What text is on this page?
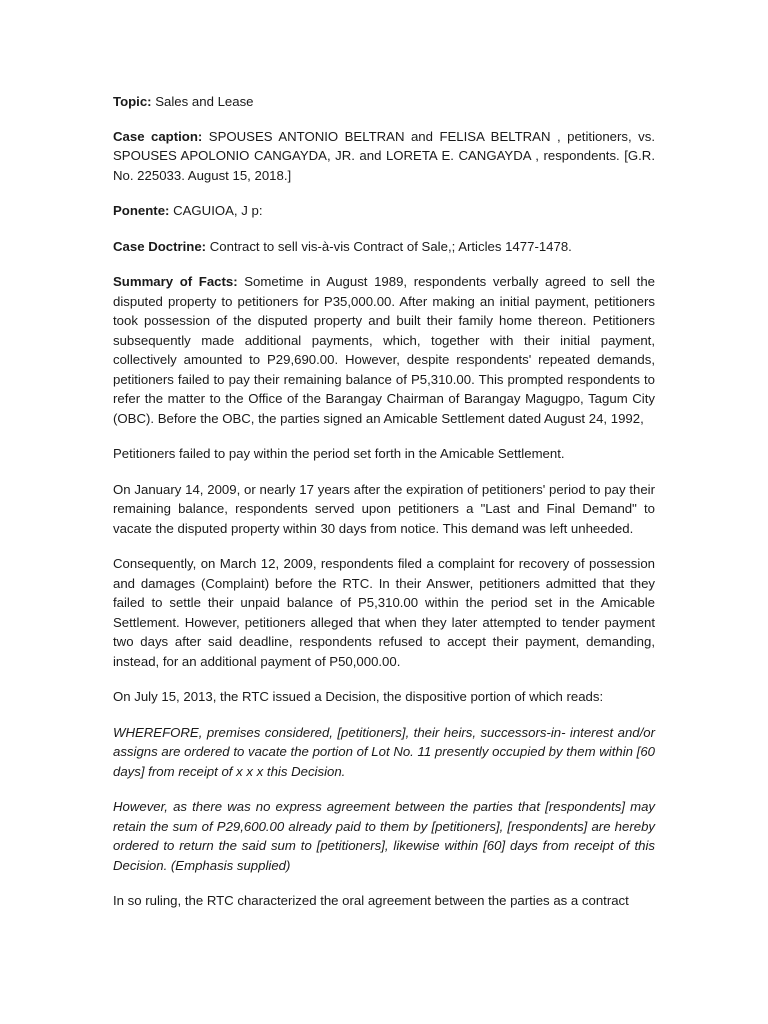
Topic: Sales and Lease

Case caption: SPOUSES ANTONIO BELTRAN and FELISA BELTRAN , petitioners, vs. SPOUSES APOLONIO CANGAYDA, JR. and LORETA E. CANGAYDA , respondents. [G.R. No. 225033. August 15, 2018.]

Ponente: CAGUIOA, J p:

Case Doctrine: Contract to sell vis-à-vis Contract of Sale,; Articles 1477-1478.

Summary of Facts: Sometime in August 1989, respondents verbally agreed to sell the disputed property to petitioners for P35,000.00. After making an initial payment, petitioners took possession of the disputed property and built their family home thereon. Petitioners subsequently made additional payments, which, together with their initial payment, collectively amounted to P29,690.00. However, despite respondents' repeated demands, petitioners failed to pay their remaining balance of P5,310.00. This prompted respondents to refer the matter to the Office of the Barangay Chairman of Barangay Magugpo, Tagum City (OBC). Before the OBC, the parties signed an Amicable Settlement dated August 24, 1992,

Petitioners failed to pay within the period set forth in the Amicable Settlement.

On January 14, 2009, or nearly 17 years after the expiration of petitioners' period to pay their remaining balance, respondents served upon petitioners a "Last and Final Demand" to vacate the disputed property within 30 days from notice. This demand was left unheeded.

Consequently, on March 12, 2009, respondents filed a complaint for recovery of possession and damages (Complaint) before the RTC. In their Answer, petitioners admitted that they failed to settle their unpaid balance of P5,310.00 within the period set in the Amicable Settlement. However, petitioners alleged that when they later attempted to tender payment two days after said deadline, respondents refused to accept their payment, demanding, instead, for an additional payment of P50,000.00.

On July 15, 2013, the RTC issued a Decision, the dispositive portion of which reads:

WHEREFORE, premises considered, [petitioners], their heirs, successors-in- interest and/or assigns are ordered to vacate the portion of Lot No. 11 presently occupied by them within [60 days] from receipt of x x x this Decision.

However, as there was no express agreement between the parties that [respondents] may retain the sum of P29,600.00 already paid to them by [petitioners], [respondents] are hereby ordered to return the said sum to [petitioners], likewise within [60] days from receipt of this Decision. (Emphasis supplied)

In so ruling, the RTC characterized the oral agreement between the parties as a contract
